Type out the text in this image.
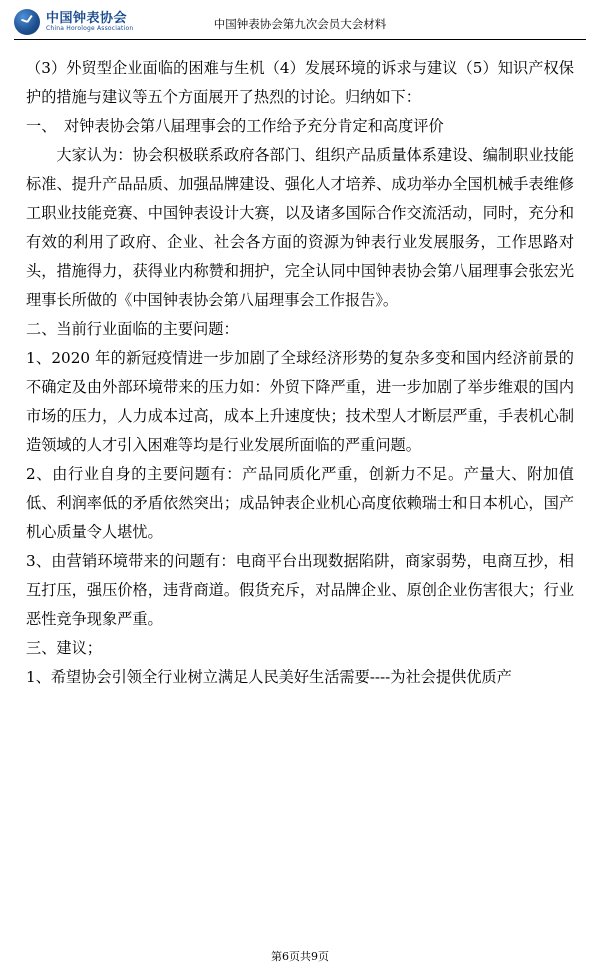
中国钟表协会
China Horologe Association	中国钟表协会第九次会员大会材料

（3）外贸型企业面临的困难与生机（4）发展环境的诉求与建议（5）知识产权保护的措施与建议等五个方面展开了热烈的讨论。归纳如下：

一、　对钟表协会第八届理事会的工作给予充分肯定和高度评价

大家认为：协会积极联系政府各部门、组织产品质量体系建设、编制职业技能标准、提升产品品质、加强品牌建设、强化人才培养、成功举办全国机械手表维修工职业技能竞赛、中国钟表设计大赛，以及诸多国际合作交流活动，同时，充分和有效的利用了政府、企业、社会各方面的资源为钟表行业发展服务，工作思路对头，措施得力，获得业内称赞和拥护，完全认同中国钟表协会第八届理事会张宏光理事长所做的《中国钟表协会第八届理事会工作报告》。

二、当前行业面临的主要问题：

1、2020 年的新冠疫情进一步加剧了全球经济形势的复杂多变和国内经济前景的不确定及由外部环境带来的压力如：外贸下降严重，进一步加剧了举步维艰的国内市场的压力，人力成本过高，成本上升速度快；技术型人才断层严重，手表机心制造领域的人才引入困难等均是行业发展所面临的严重问题。

2、由行业自身的主要问题有：产品同质化严重，创新力不足。产量大、附加值低、利润率低的矛盾依然突出；成品钟表企业机心高度依赖瑞士和日本机心，国产机心质量令人堪忧。

3、由营销环境带来的问题有：电商平台出现数据陷阱，商家弱势，电商互抄，相互打压，强压价格，违背商道。假货充斥，对品牌企业、原创企业伤害很大；行业恶性竞争现象严重。

三、建议；

1、希望协会引领全行业树立满足人民美好生活需要----为社会提供优质产

第6页共9页
